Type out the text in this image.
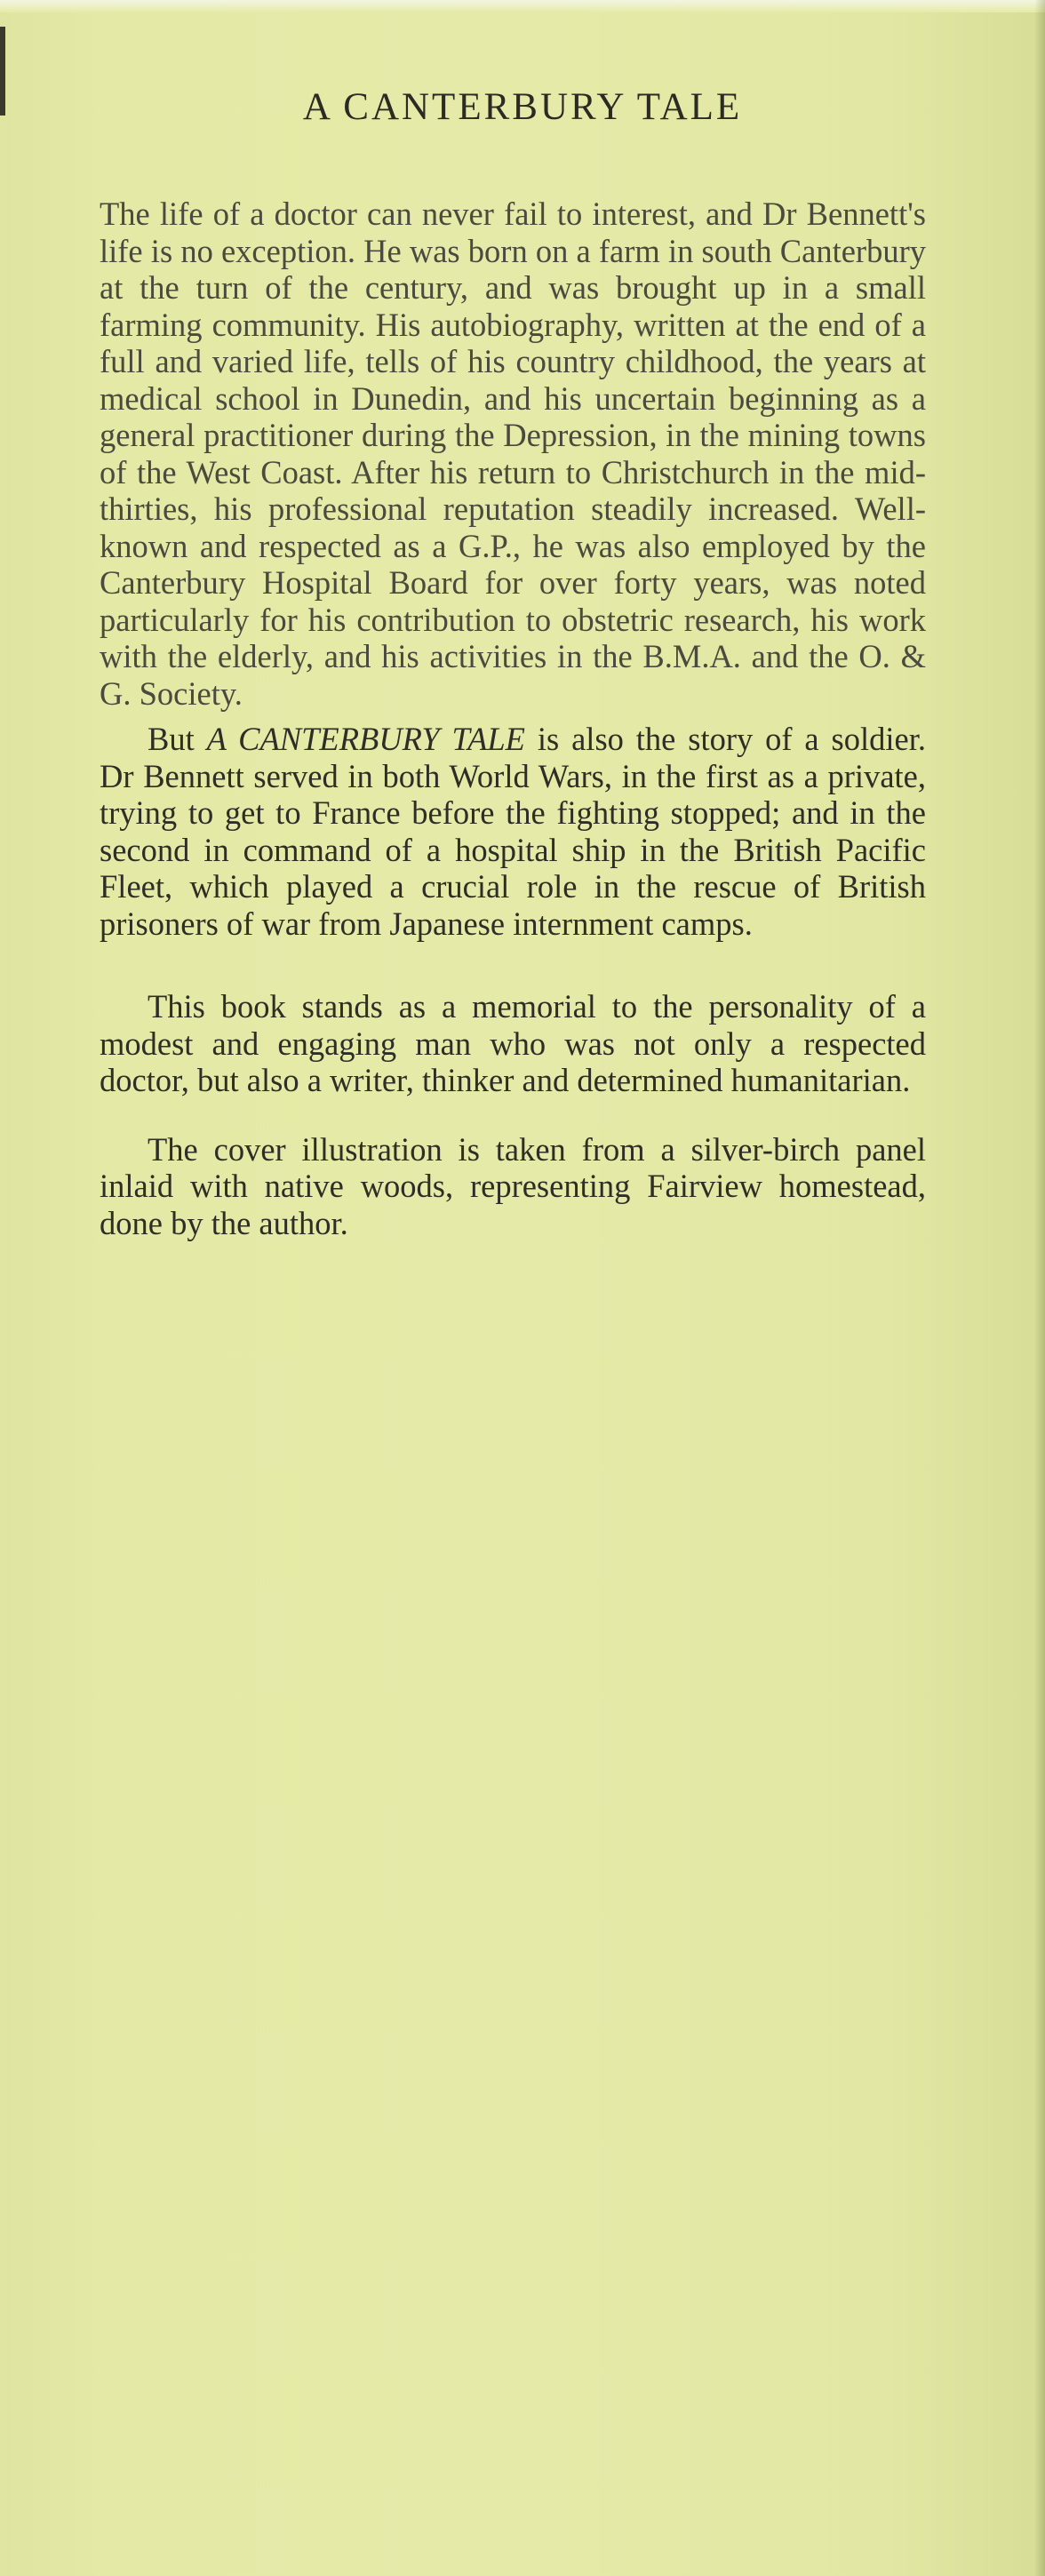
A CANTERBURY TALE

The life of a doctor can never fail to interest, and Dr Bennett's life is no exception. He was born on a farm in south Canterbury at the turn of the century, and was brought up in a small farming community. His autobiography, written at the end of a full and varied life, tells of his country childhood, the years at medical school in Dunedin, and his uncertain beginning as a general practitioner during the Depression, in the mining towns of the West Coast. After his return to Christchurch in the mid-thirties, his professional reputation steadily increased. Well-known and respected as a G.P., he was also employed by the Canterbury Hospital Board for over forty years, was noted particularly for his contribution to obstetric research, his work with the elderly, and his activities in the B.M.A. and the O. & G. Society.

But A CANTERBURY TALE is also the story of a soldier. Dr Bennett served in both World Wars, in the first as a private, trying to get to France before the fighting stopped; and in the second in command of a hospital ship in the British Pacific Fleet, which played a crucial role in the rescue of British prisoners of war from Japanese internment camps.

This book stands as a memorial to the personality of a modest and engaging man who was not only a respected doctor, but also a writer, thinker and determined humanitarian.

The cover illustration is taken from a silver-birch panel inlaid with native woods, representing Fairview homestead, done by the author.
